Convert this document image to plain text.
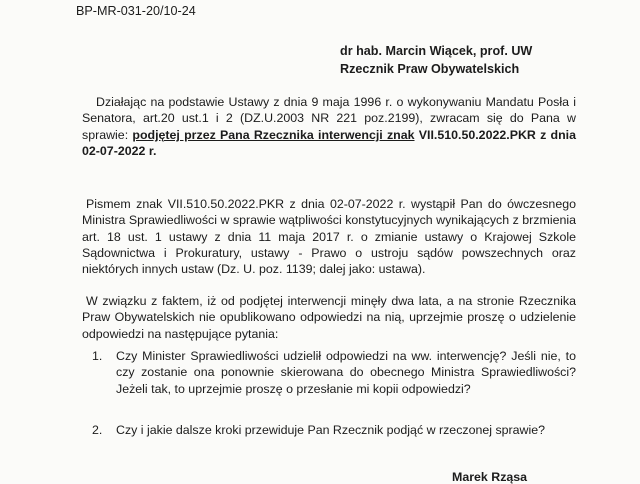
BP-MR-031-20/10-24
dr hab. Marcin Wiącek, prof. UW
Rzecznik Praw Obywatelskich
Działając na podstawie Ustawy z dnia 9 maja 1996 r. o wykonywaniu Mandatu Posła i Senatora, art.20 ust.1 i 2 (DZ.U.2003 NR 221 poz.2199), zwracam się do Pana w sprawie: podjętej przez Pana Rzecznika interwencji znak VII.510.50.2022.PKR z dnia 02-07-2022 r.
Pismem znak VII.510.50.2022.PKR z dnia 02-07-2022 r. wystąpił Pan do ówczesnego Ministra Sprawiedliwości w sprawie wątpliwości konstytucyjnych wynikających z brzmienia art. 18 ust. 1 ustawy z dnia 11 maja 2017 r. o zmianie ustawy o Krajowej Szkole Sądownictwa i Prokuratury, ustawy - Prawo o ustroju sądów powszechnych oraz niektórych innych ustaw (Dz. U. poz. 1139; dalej jako: ustawa).
W związku z faktem, iż od podjętej interwencji minęły dwa lata, a na stronie Rzecznika Praw Obywatelskich nie opublikowano odpowiedzi na nią, uprzejmie proszę o udzielenie odpowiedzi na następujące pytania:
1. Czy Minister Sprawiedliwości udzielił odpowiedzi na ww. interwencję? Jeśli nie, to czy zostanie ona ponownie skierowana do obecnego Ministra Sprawiedliwości? Jeżeli tak, to uprzejmie proszę o przesłanie mi kopii odpowiedzi?
2. Czy i jakie dalsze kroki przewiduje Pan Rzecznik podjąć w rzeczonej sprawie?
Marek Rząsa
